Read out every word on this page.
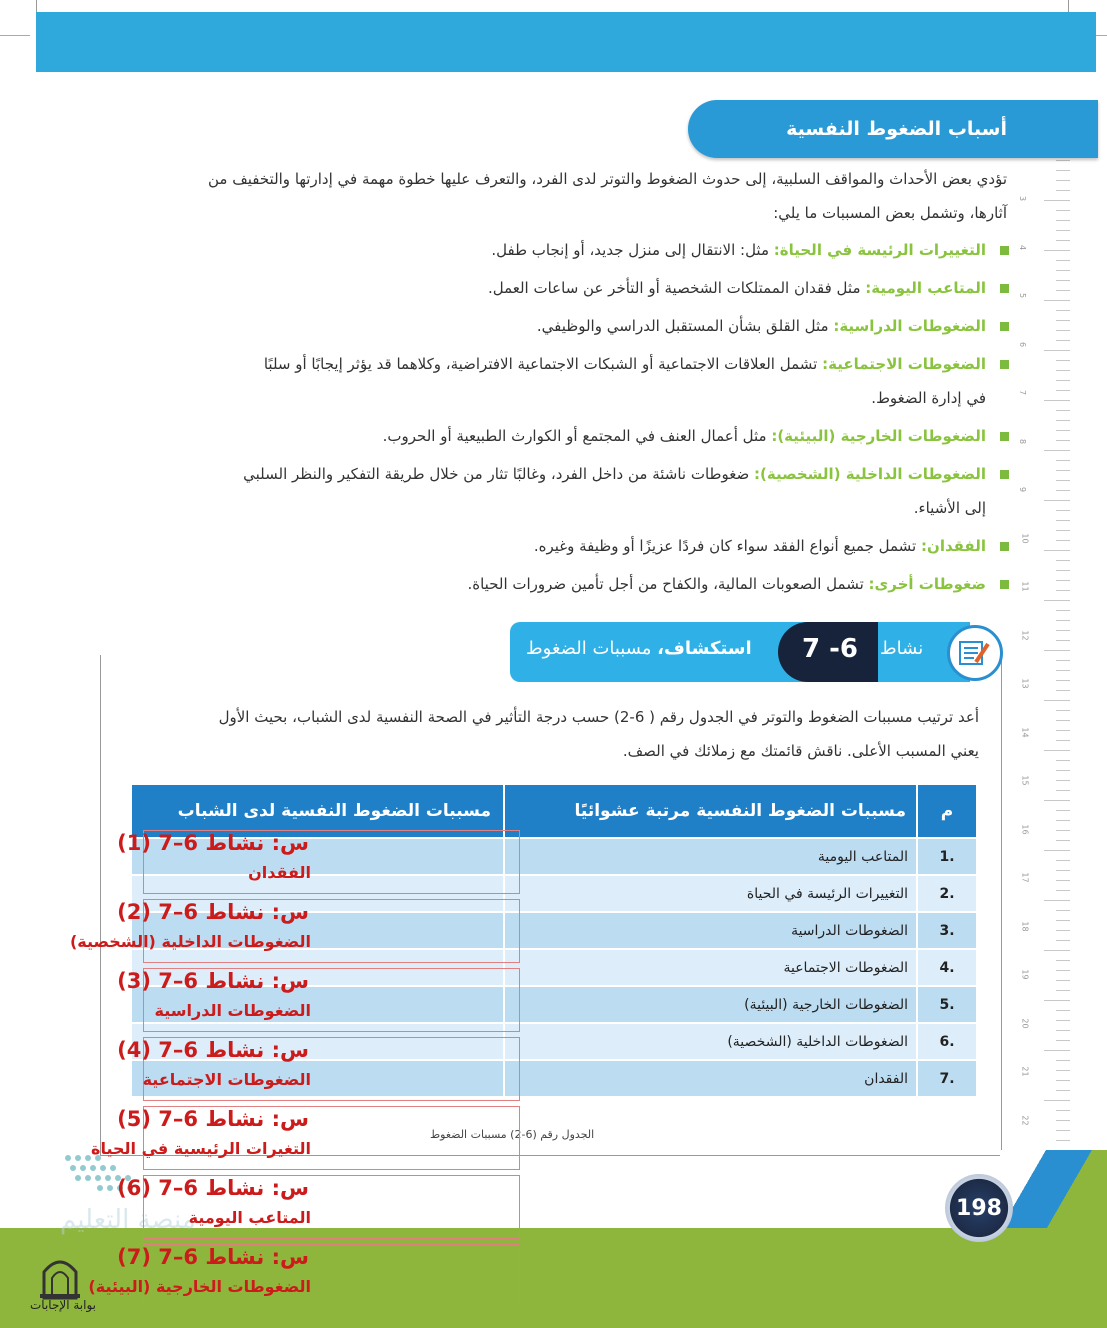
3
4
5
6
7
8
9
10
11
12
13
14
15
16
17
18
19
20
21
22
أسباب الضغوط النفسية
تؤدي بعض الأحداث والمواقف السلبية، إلى حدوث الضغوط والتوتر لدى الفرد، والتعرف عليها خطوة مهمة في إدارتها والتخفيف من
آثارها، وتشمل بعض المسببات ما يلي:
التغييرات الرئيسة في الحياة: مثل: الانتقال إلى منزل جديد، أو إنجاب طفل.
المتاعب اليومية: مثل فقدان الممتلكات الشخصية أو التأخر عن ساعات العمل.
الضغوطات الدراسية: مثل القلق بشأن المستقبل الدراسي والوظيفي.
الضغوطات الاجتماعية: تشمل العلاقات الاجتماعية أو الشبكات الاجتماعية الافتراضية، وكلاهما قد يؤثر إيجابًا أو سلبًا
في إدارة الضغوط.
الضغوطات الخارجية (البيئية): مثل أعمال العنف في المجتمع أو الكوارث الطبيعية أو الحروب.
الضغوطات الداخلية (الشخصية): ضغوطات ناشئة من داخل الفرد، وغالبًا تثار من خلال طريقة التفكير والنظر السلبي
إلى الأشياء.
الفقدان: تشمل جميع أنواع الفقد سواء كان فردًا عزيزًا أو وظيفة وغيره.
ضغوطات أخرى: تشمل الصعوبات المالية، والكفاح من أجل تأمين ضرورات الحياة.
استكشاف، مسببات الضغوط	7 -6 نشاط
أعد ترتيب مسببات الضغوط والتوتر في الجدول رقم ( 6-2) حسب درجة التأثير في الصحة النفسية لدى الشباب، بحيث الأول
يعني المسبب الأعلى. ناقش قائمتك مع زملائك في الصف.
م	مسببات الضغوط النفسية مرتبة عشوائيًا	مسببات الضغوط النفسية لدى الشباب
.1	المتاعب اليومية	
.2	التغييرات الرئيسة في الحياة	
.3	الضغوطات الدراسية	
.4	الضغوطات الاجتماعية	
.5	الضغوطات الخارجية (البيئية)	
.6	الضغوطات الداخلية (الشخصية)	
.7	الفقدان	
الجدول رقم (6-2) مسببات الضغوط
منصة التعليم
س: نشاط 6–7 (1)
الفقدان
س: نشاط 6–7 (2)
الضغوطات الداخلية (الشخصية)
س: نشاط 6–7 (3)
الضغوطات الدراسية
س: نشاط 6–7 (4)
الضغوطات الاجتماعية
س: نشاط 6–7 (5)
التغيرات الرئيسية في الحياة
س: نشاط 6–7 (6)
المتاعب اليومية
س: نشاط 6–7 (7)
الضغوطات الخارجية (البيئية)
198
بوابة الإجابات
